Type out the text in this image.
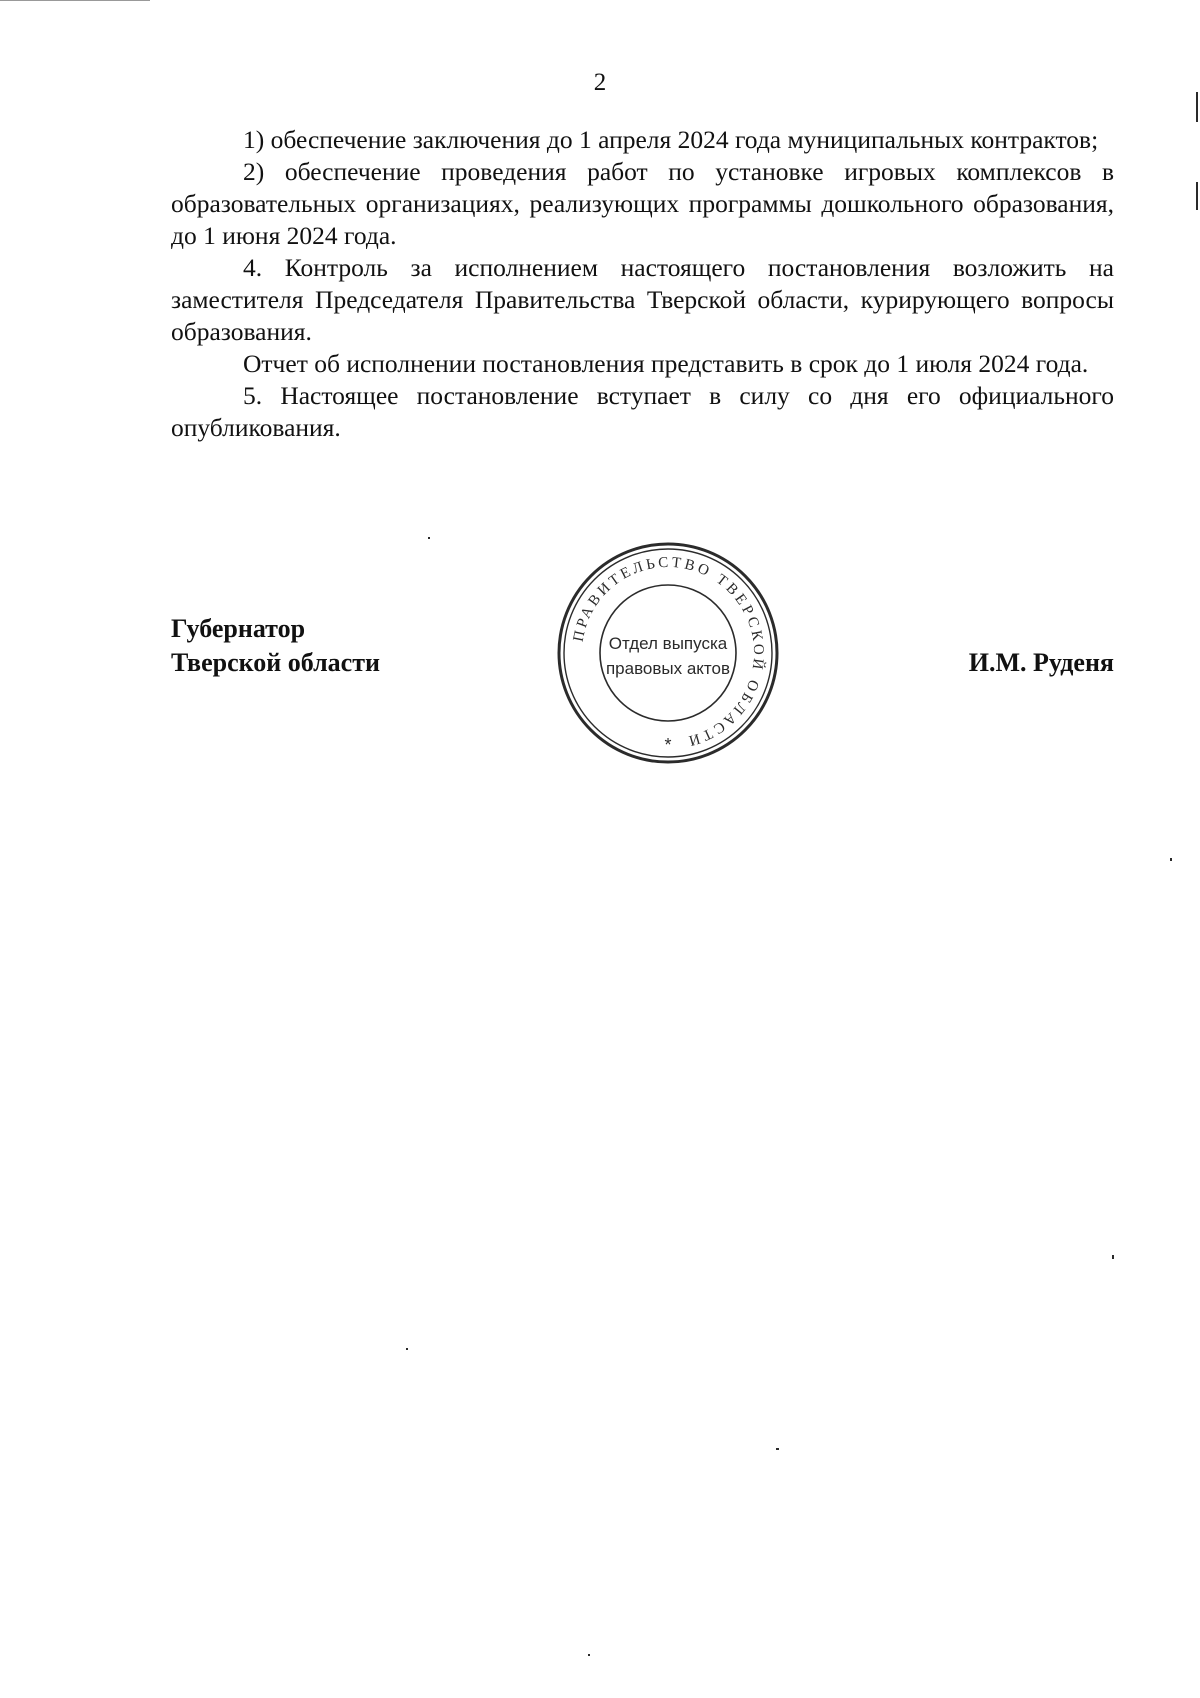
2

1) обеспечение заключения до 1 апреля 2024 года муниципальных контрактов;

2) обеспечение проведения работ по установке игровых комплексов в образовательных организациях, реализующих программы дошкольного образования, до 1 июня 2024 года.

4. Контроль за исполнением настоящего постановления возложить на заместителя Председателя Правительства Тверской области, курирующего вопросы образования.

Отчет об исполнении постановления представить в срок до 1 июля 2024 года.

5. Настоящее постановление вступает в силу со дня его официального опубликования.

Губернатор
Тверской области
ПРАВИТЕЛЬСТВО ТВЕРСКОЙ ОБЛАСТИ
Отдел выпуска
правовых актов
*
И.М. Руденя
